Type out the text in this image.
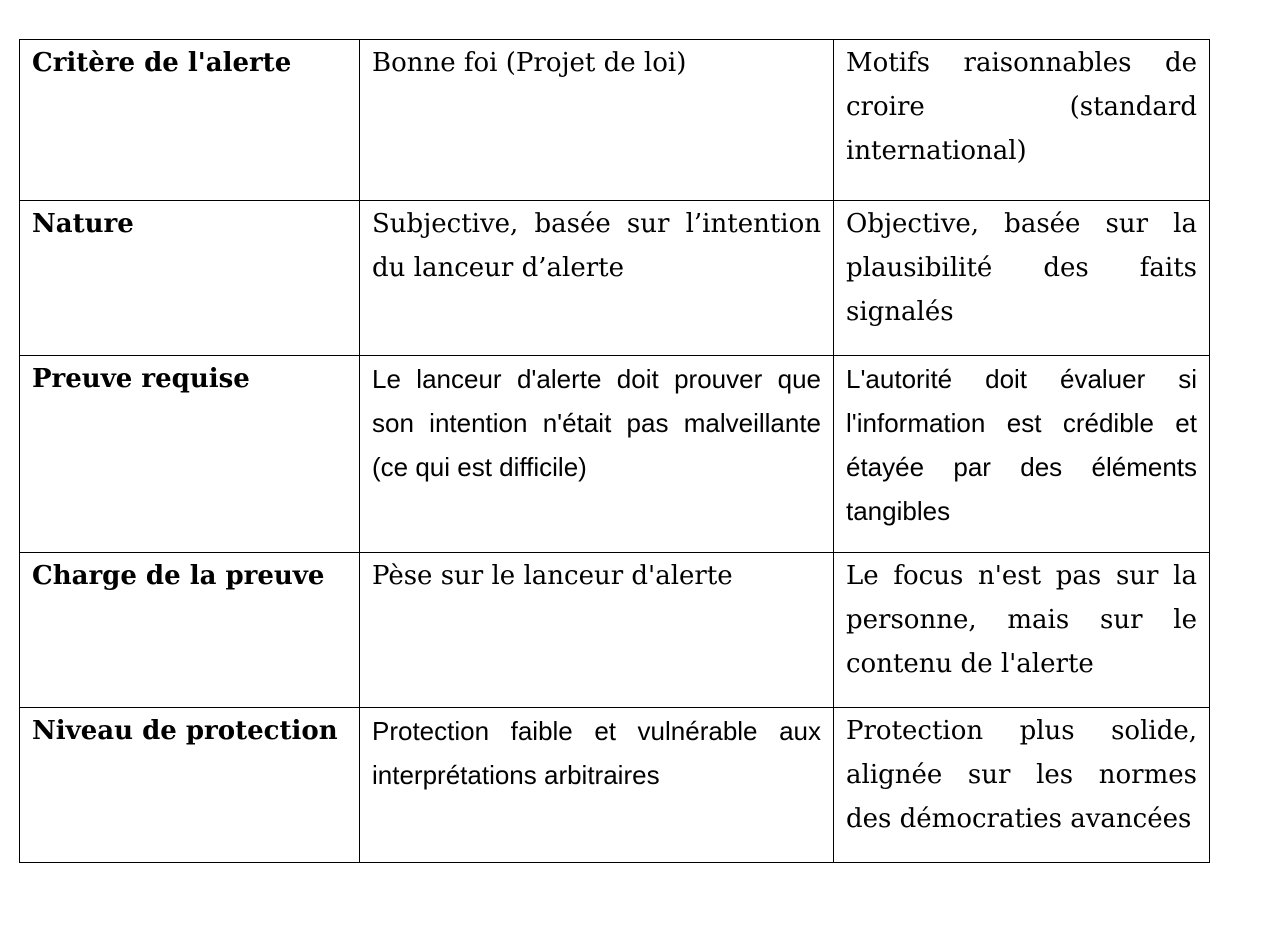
Critère de l'alerte	Bonne foi (Projet de loi)	Motifs raisonnables de croire (standard international)
Nature	Subjective, basée sur l’intention du lanceur d’alerte	Objective, basée sur la plausibilité des faits signalés
Preuve requise	Le lanceur d'alerte doit prouver que son intention n'était pas malveillante (ce qui est difficile)	L'autorité doit évaluer si l'information est crédible et étayée par des éléments tangibles
Charge de la preuve	Pèse sur le lanceur d'alerte	Le focus n'est pas sur la personne, mais sur le contenu de l'alerte
Niveau de protection	Protection faible et vulnérable aux interprétations arbitraires	Protection plus solide, alignée sur les normes des démocraties avancées
